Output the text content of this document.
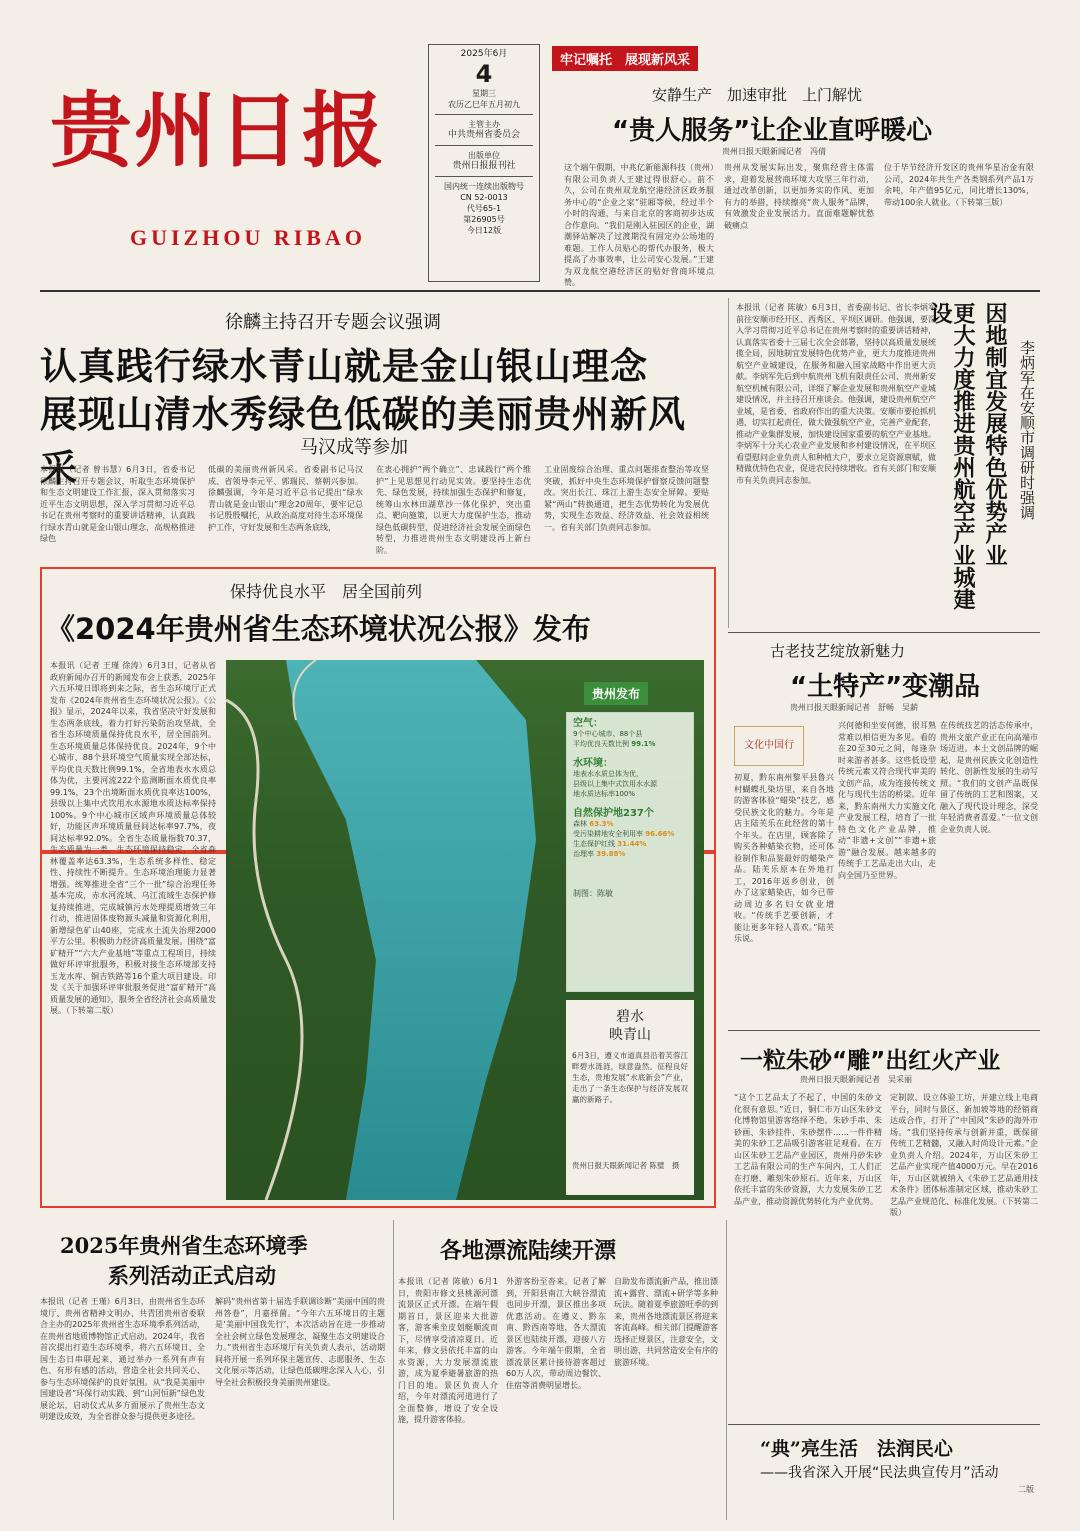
贵州日报
GUIZHOU RIBAO
2025年6月
4
星期三
农历乙巳年五月初九
主管主办
中共贵州省委员会
出版单位
贵州日报报刊社
国内统一连续出版物号
CN 52-0013
代号65-1
第26905号
今日12版
牢记嘱托　展现新风采
安静生产　加速审批　上门解忧
“贵人服务”让企业直呼暖心
贵州日报天眼新闻记者　冯倩
这个端午假期，中兆亿新能源科技（贵州）有限公司负责人王建过得很舒心。前不久，公司在贵州双龙航空港经济区政务服务中心的“企业之家”驻厢等候，经过半个小时的沟通，与来自北京的客商初步达成合作意向。“我们是刚入驻园区的企业，湖潮驿站解决了过渡期没有固定办公场地的难题。工作人员贴心的帮代办服务，极大提高了办事效率，让公司安心发展。”王建为双龙航空港经济区的贴好营商环境点赞。
贵州从发展实际出发，聚焦经营主体需求，迎着发展营商环境大攻坚三年行动，通过改革创新，以更加务实的作风、更加有力的举措，持续擦亮“贵人服务”品牌，有效激发企业发展活力。直面难题解忧愁破痛点
位于毕节经济开发区的贵州华星冶金有限公司，2024年共生产各类钢系列产品1万余吨，年产值95亿元，同比增长130%，带动100余人就业。（下转第三版）
徐麟主持召开专题会议强调
认真践行绿水青山就是金山银山理念
展现山清水秀绿色低碳的美丽贵州新风采	马汉成等参加
本报讯（记者 曾书慧）6月3日，省委书记徐麟主持召开专题会议，听取生态环境保护和生态文明建设工作汇报，深入贯彻落实习近平生态文明思想，深入学习贯彻习近平总书记在贵州考察时的重要讲话精神，认真践行绿水青山就是金山银山理念，高规格推进绿色
低碳的美丽贵州新风采。省委副书记马汉成、省领导李元平、郭瑞民、蔡朝兴参加。徐麟强调，今年是习近平总书记提出“绿水青山就是金山银山”理念20周年，要牢记总书记殷殷嘱托，从政治高度对待生态环境保护工作，守好发展和生态两条底线，
在衷心拥护“两个确立”、忠诚践行“两个维护”上见思想见行动见实效。要坚持生态优先、绿色发展，持续加强生态保护和修复，统筹山水林田湖草沙一体化保护，突出重点、靶向施策，以更大力度保护生态，推动绿色低碳转型，促进经济社会发展全面绿色转型，力推进贵州生态文明建设再上新台阶。
工业固废综合治理、重点问题排查整治等攻坚突破，抓好中央生态环境保护督察反馈问题整改。突出长江、珠江上游生态安全屏障。要贴紧“两山”转换通道，把生态优势转化为发展优势，实现生态效益、经济效益、社会效益相统一。省有关部门负责同志参加。
本报讯（记者 陈敏）6月3日，省委副书记、省长李炳军前往安顺市经开区、西秀区、平坝区调研。他强调，要深入学习贯彻习近平总书记在贵州考察时的重要讲话精神，认真落实省委十三届七次全会部署，坚持以高质量发展统揽全局，因地制宜发展特色优势产业，更大力度推进贵州航空产业城建设，在服务和融入国家战略中作出更大贡献。李炳军先后到中航贵州飞机有限责任公司、贵州新安航空机械有限公司，详细了解企业发展和贵州航空产业城建设情况，并主持召开座谈会。他强调，建设贵州航空产业城，是省委、省政府作出的重大决策。安顺市要抢抓机遇，切实扛起责任，做大做强航空产业，完善产业配套，推动产业集群发展，加快建设国家重要的航空产业基地。李炳军十分关心农业产业发展和乡村建设情况，在平坝区看望慰问企业负责人和种植大户，要求立足资源禀赋，做精做优特色农业，促进农民持续增收。省有关部门和安顺市有关负责同志参加。	更大力度推进贵州航空产业城建设	因地制宜发展特色优势产业 李炳军在安顺市调研时强调
保持优良水平　居全国前列
《2024年贵州省生态环境状况公报》发布
本报讯（记者 王瑾 徐涛）6月3日，记者从省政府新闻办召开的新闻发布会上获悉，2025年六五环境日即将到来之际，省生态环境厅正式发布《2024年贵州省生态环境状况公报》。《公报》显示，2024年以来，我省坚决守好发展和生态两条底线，着力打好污染防治攻坚战，全省生态环境质量保持优良水平，居全国前列。生态环境质量总体保持优良。2024年，9个中心城市、88个县环境空气质量实现全部达标，平均优良天数比例99.1%，全省地表水水质总体为优，主要河流222个监测断面水质优良率99.1%，23个出境断面水质优良率达100%，县级以上集中式饮用水水源地水质达标率保持100%。9个中心城市区域声环境质量总体较好，功能区声环境质量昼间达标率97.7%，夜间达标率92.0%。全省生态质量指数70.37，生态质量为一类。生态环境保持稳定，全省森林覆盖率达63.3%，生态系统多样性、稳定性、持续性不断提升。生态环境治理能力显著增强。统筹推进全省“三个一批”综合治理任务基本完成，赤水河流域、乌江流域生态保护修复持续推进，完成城镇污水处理提质增效三年行动，推进固体废物源头减量和资源化利用，新增绿色矿山40座，完成水土流失治理2000平方公里。积极助力经济高质量发展。围绕“富矿精开”“六大产业基地”等重点工程项目，持续做好环评审批服务，积极对接生态环境部支持玉龙水库、铜吉铁路等16个重大项目建设。印发《关于加强环评审批服务促进“富矿精开”高质量发展的通知》，服务全省经济社会高质量发展。（下转第二版）
贵州发布
空气：
9个中心城市、88个县
平均优良天数比例 99.1%
水环境：
地表水水质总体为优，
县级以上集中式饮用水水源
地水质达标率100%
自然保护地237个
森林 63.3%
受污染耕地安全利用率 96.66%
生态保护红线 31.44%
治理率 39.88%
制图：陈敏
碧水
映青山
6月3日，遵义市道真县沿着芙蓉江畔碧水涟涟，绿意盎然。征程良好生态，贵地发展“水底新会”产业，走出了一条生态保护与经济发展双赢的新路子。
贵州日报天眼新闻记者 陈璧　摄
古老技艺绽放新魅力
“土特产”变潮品
贵州日报天眼新闻记者　舒畅　吴薪
文化中国行
初夏，黔东南州黎平县鲁兴村蝴蝶扎染坊里，来自各地的游客体验“蜡染”技艺，感受民族文化的魅力。今年是店主陆芙乐在此经营的第十个年头。在店里，顾客除了购买各种蜡染衣物，还可体验制作和品鉴最好的蜡染产品。陆芙乐原本在外地打工，2016年返乡创业，创办了这家蜡染店，如今已带动周边多名妇女就业增收。“传统手艺要创新，才能让更多年轻人喜欢。”陆芙乐说。
兴何德和坐安何德，很耳熟常难以相信更为多见。看的在20至30元之间，每逢杂时来游者甚多。这些低设型传统元素又符合现代审美的文创产品，成为连接传统文化与现代生活的桥梁。近年来，黔东南州大力实施文化产业发展工程，培育了一批特色文化产业品牌，推动“非遗+文创”“非遗+旅游”融合发展。越来越多的传统手工艺品走出大山，走向全国乃至世界。
在传统技艺的活态传承中，贵州文旅产业正在向高端市场迈进。本土文创品牌的崛起，是贵州民族文化创造性转化、创新性发展的生动写照。“我们的文创产品既保留了传统的工艺和图案，又融入了现代设计理念，深受年轻消费者喜爱。”一位文创企业负责人说。
一粒朱砂“雕”出红火产业
贵州日报天眼新闻记者　吴采丽
“这个工艺品太了不起了，中国的朱砂文化很有意思。”近日，铜仁市万山区朱砂文化博物馆里游客络绎不绝。朱砂手串、朱砂画、朱砂挂件、朱砂摆件……一件件精美的朱砂工艺品吸引游客驻足观看。在万山区朱砂工艺品产业园区，贵州丹砂朱砂工艺品有限公司的生产车间内，工人们正在打磨、雕刻朱砂原石。近年来，万山区依托丰富的朱砂资源，大力发展朱砂工艺品产业，推动资源优势转化为产业优势。
定制款、设立体验工坊，并建立线上电商平台，同时与景区、新加坡等地的经销商达成合作，打开了“中国风”朱砂的海外市场。“我们坚持传承与创新并重，既保留传统工艺精髓，又融入时尚设计元素。”企业负责人介绍。2024年，万山区朱砂工艺品产业实现产值4000万元。早在2016年，万山区就被纳入《朱砂工艺品通用技术条件》团体标准制定区域，推动朱砂工艺品产业规范化、标准化发展。（下转第二版）
2025年贵州省生态环境季
系列活动正式启动
本报讯（记者 王瑾）6月3日，由贵州省生态环境厅、贵州省精神文明办、共青团贵州省委联合主办的2025年贵州省生态环境季系列活动，在贵州省地质博物馆正式启动。2024年，我省首次提出打造生态环境季，将六五环境日、全国生态日串联起来，通过举办一系列有声有色、有形有感的活动，营造全社会共同关心、参与生态环境保护的良好氛围。从“我是美丽中国建设者”环保行动实践、到“山河恒新”绿色发展论坛，启动仪式从多方面展示了贵州生态文明建设成效，为全省群众参与提供更多途径。
解码”贵州省第十届选手联调诊断“美丽中国的贵州答卷”，月嘉择菌。“今年六五环境日的主题是‘美丽中国我先行’，本次活动旨在进一步推动全社会树立绿色发展理念，凝聚生态文明建设合力。”贵州省生态环境厅有关负责人表示，活动期间将开展一系列环保主题宣传、志愿服务、生态文化展示等活动，让绿色低碳理念深入人心，引导全社会积极投身美丽贵州建设。
各地漂流陆续开漂
本报讯（记者 陈敏）6月1日，贵阳市修文县桃源河漂流景区正式开漂。在端午假期首日，景区迎来大批游客，游客乘坐皮划艇顺流而下，尽情享受清凉夏日。近年来，修文县依托丰富的山水资源，大力发展漂流旅游，成为夏季避暑旅游的热门目的地。景区负责人介绍，今年对漂流河道进行了全面整修，增设了安全设施，提升游客体验。
外游客纷至沓来。记者了解到，开阳县南江大峡谷漂流也同步开漂，景区推出多项优惠活动。在遵义、黔东南、黔西南等地，各大漂流景区也陆续开漂，迎接八方游客。今年端午假期，全省漂流景区累计接待游客超过60万人次，带动周边餐饮、住宿等消费明显增长。
自助发布漂流新产品，推出漂流+露营、漂流+研学等多种玩法。随着夏季旅游旺季的到来，贵州各地漂流景区将迎来客流高峰。相关部门提醒游客选择正规景区，注意安全，文明出游，共同营造安全有序的旅游环境。
“典”亮生活　法润民心
——我省深入开展“民法典宣传月”活动
二版
